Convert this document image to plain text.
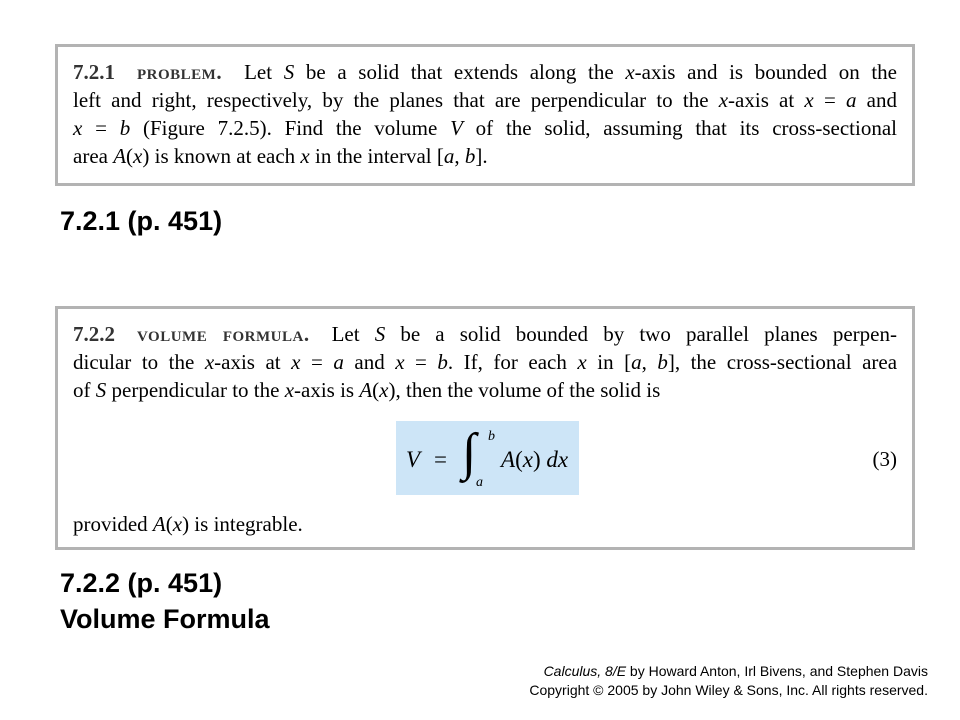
7.2.1 problem. Let S be a solid that extends along the x-axis and is bounded on the
left and right, respectively, by the planes that are perpendicular to the x-axis at x = a and
x = b (Figure 7.2.5). Find the volume V of the solid, assuming that its cross-sectional
area A(x) is known at each x in the interval [a, b].
7.2.1 (p. 451)
7.2.2 volume formula. Let S be a solid bounded by two parallel planes perpen-
dicular to the x-axis at x = a and x = b. If, for each x in [a, b], the cross-sectional area
of S perpendicular to the x-axis is A(x), then the volume of the solid is
V = ∫ b
a
A(x) dx	(3)
provided A(x) is integrable.
7.2.2 (p. 451)
Volume Formula
Calculus, 8/E by Howard Anton, Irl Bivens, and Stephen Davis
Copyright © 2005 by John Wiley & Sons, Inc. All rights reserved.
